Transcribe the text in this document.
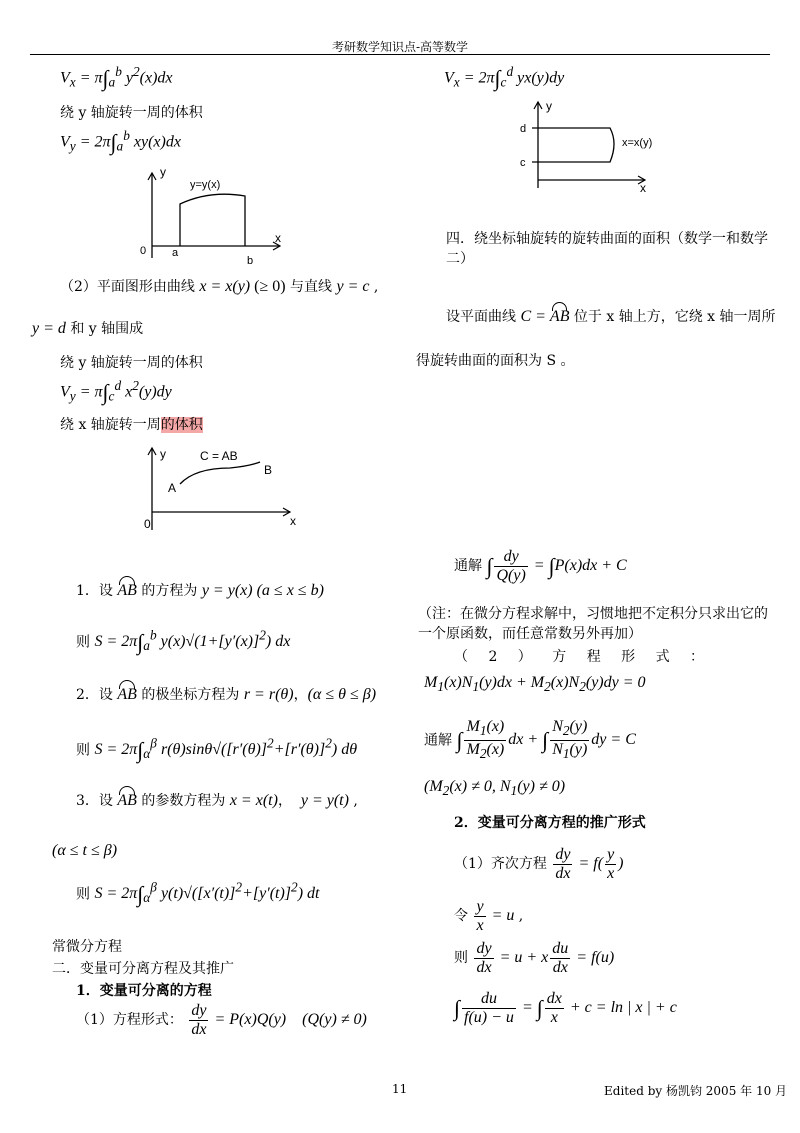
考研数学知识点-高等数学
$V_x = \pi\int_a^b$ $y^2(x)dx$
绕 y 轴旋转一周的体积
$V_y = 2\pi\int_a^b$ xy(x)dx
y
x
y=y(x)
0 a
b
（2）平面图形由曲线 x = x(y) (≥ 0) 与直线 y = c ,
y = d 和 y 轴围成
绕 y 轴旋转一周的体积
$V_y = \pi\int_c^d$ $x^2(y)dy$
绕 x 轴旋转一周的体积
y
x
C = AB
A
B
0
1．设 AB 的方程为 y = y(x) (a ≤ x ≤ b)
则 $S = 2\pi\int_a^b$ $y(x)√(1+[y'(x)]^2)$ dx
2．设 AB 的极坐标方程为 r = r(θ)，(α ≤ θ ≤ β)
则 $S = 2\pi\int_\alpha^\beta$ $r(\theta)\sin\theta√([r'(\theta)]^2+[r'(\theta)]^2)$ dθ
3．设 AB 的参数方程为 x = x(t)，  y = y(t) ,
(α ≤ t ≤ β)
则 $S = 2\pi\int_\alpha^\beta$ $y(t)√([x'(t)]^2+[y'(t)]^2)$ dt
常微分方程
二．变量可分离方程及其推广
1．变量可分离的方程
（1）方程形式： $\frac{dy}{dx} = P(x)Q(y)$    (Q(y) ≠ 0)
$V_x = 2\pi\int_c^d$ yx(y)dy
y
x
d
c
x=x(y)
四．绕坐标轴旋转的旋转曲面的面积（数学一和数学二）
设平面曲线 C = AB 位于 x 轴上方，它绕 x 轴一周所
得旋转曲面的面积为 S 。
通解 ∫ $\frac{dy}{Q(y)} = \int P(x)dx + C$
（注：在微分方程求解中，习惯地把不定积分只求出它的一个原函数，而任意常数另外再加）
（ 2 ） 方 程 形 式 ：
$M_1(x)N_1(y)dx + M_2(x)N_2(y)dy = 0$
通解 ∫ $\frac{M_1(x)}{M_2(x)}$ dx + ∫ $\frac{N_2(y)}{N_1(y)}$ dy = C
($M_2(x) \ne 0$, $N_1(y) \ne 0$)
2．变量可分离方程的推广形式
（1）齐次方程 $\frac{dy}{dx} = f( \frac{y}{x}$ )
令 $\frac{y}{x} = u$ ,
则 $\frac{dy}{dx} = u + x \frac{du}{dx} = f(u)$
∫ $\frac{du}{f(u) - u}$ = ∫ $\frac{dx}{x} + c = \ln$ | x | + c
11	Edited by 杨凯钧 2005 年 10 月
